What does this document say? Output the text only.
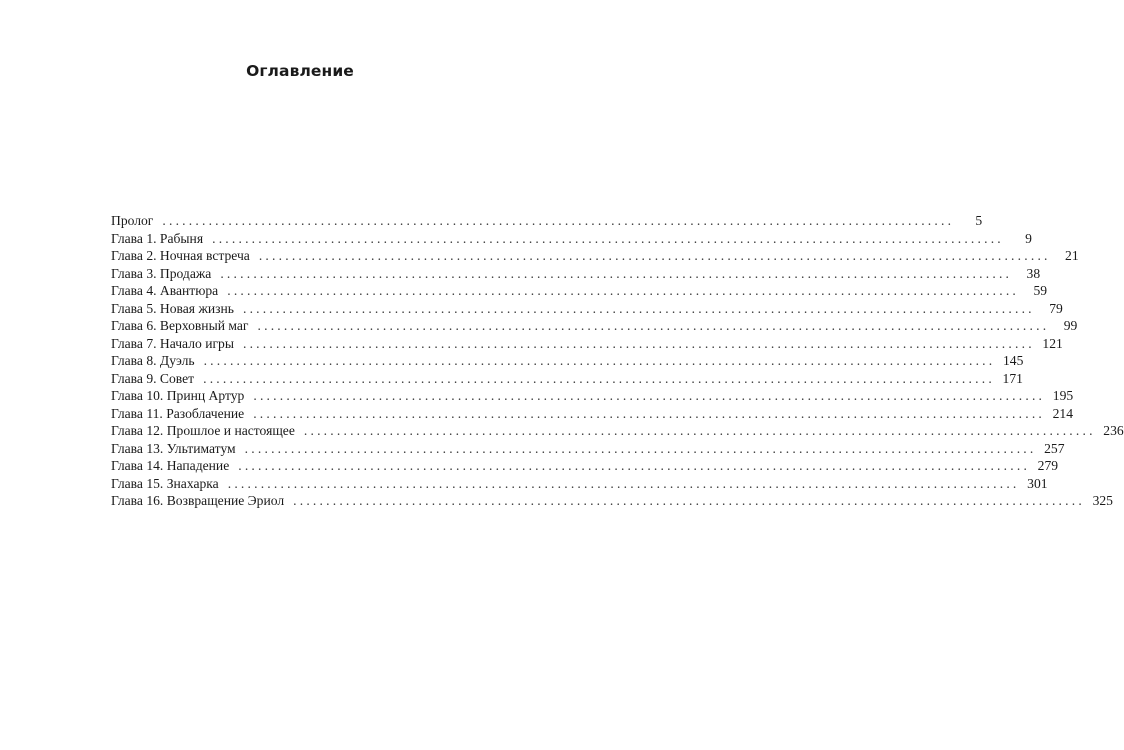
Оглавление
Пролог ........................................................................................................................	5
Глава 1. Рабыня ........................................................................................................................	9
Глава 2. Ночная встреча ........................................................................................................................	21
Глава 3. Продажа ........................................................................................................................	38
Глава 4. Авантюра ........................................................................................................................	59
Глава 5. Новая жизнь ........................................................................................................................	79
Глава 6. Верховный маг ........................................................................................................................	99
Глава 7. Начало игры ........................................................................................................................ 121
Глава 8. Дуэль ........................................................................................................................ 145
Глава 9. Совет ........................................................................................................................ 171
Глава 10. Принц Артур ........................................................................................................................ 195
Глава 11. Разоблачение ........................................................................................................................ 214
Глава 12. Прошлое и настоящее ........................................................................................................................ 236
Глава 13. Ультиматум ........................................................................................................................ 257
Глава 14. Нападение ........................................................................................................................ 279
Глава 15. Знахарка ........................................................................................................................ 301
Глава 16. Возвращение Эриол ........................................................................................................................ 325
